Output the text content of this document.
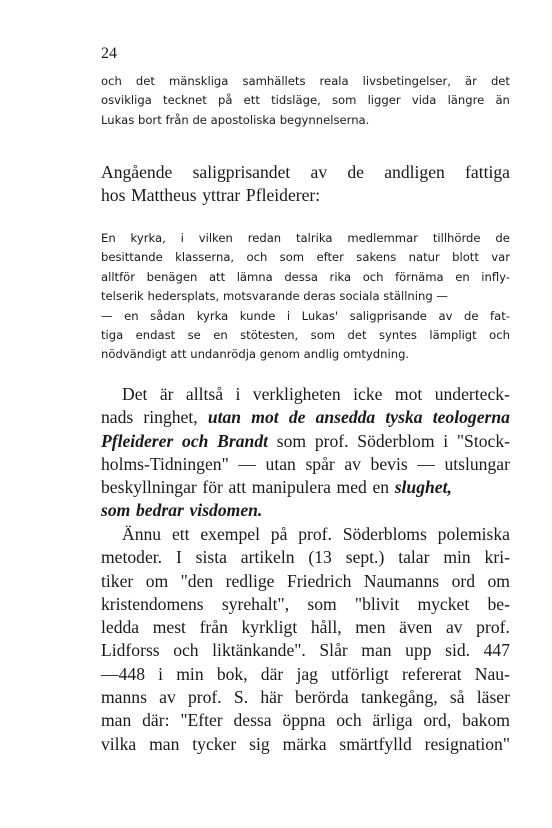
24
och det mänskliga samhällets reala livsbetingelser, är det
osvikliga tecknet på ett tidsläge, som ligger vida längre än
Lukas bort från de apostoliska begynnelserna.
Angående saligprisandet av de andligen fattiga
hos Mattheus yttrar Pfleiderer:
En kyrka, i vilken redan talrika medlemmar tillhörde de
besittande klasserna, och som efter sakens natur blott var
alltför benägen att lämna dessa rika och förnäma en infly-
telserik hedersplats, motsvarande deras sociala ställning —
— en sådan kyrka kunde i Lukas' saligprisande av de fat-
tiga endast se en stötesten, som det syntes lämpligt och
nödvändigt att undanrödja genom andlig omtydning.
Det är alltså i verkligheten icke mot underteck-
nads ringhet, utan mot de ansedda tyska teologerna
Pfleiderer och Brandt som prof. Söderblom i "Stock-
holms-Tidningen" — utan spår av bevis — utslungar
beskyllningar för att manipulera med en slughet,
som bedrar visdomen.
Ännu ett exempel på prof. Söderbloms polemiska
metoder. I sista artikeln (13 sept.) talar min kri-
tiker om "den redlige Friedrich Naumanns ord om
kristendomens syrehalt", som "blivit mycket be-
ledda mest från kyrkligt håll, men även av prof.
Lidforss och liktänkande". Slår man upp sid. 447
—448 i min bok, där jag utförligt refererat Nau-
manns av prof. S. här berörda tankegång, så läser
man där: "Efter dessa öppna och ärliga ord, bakom
vilka man tycker sig märka smärtfylld resignation"
